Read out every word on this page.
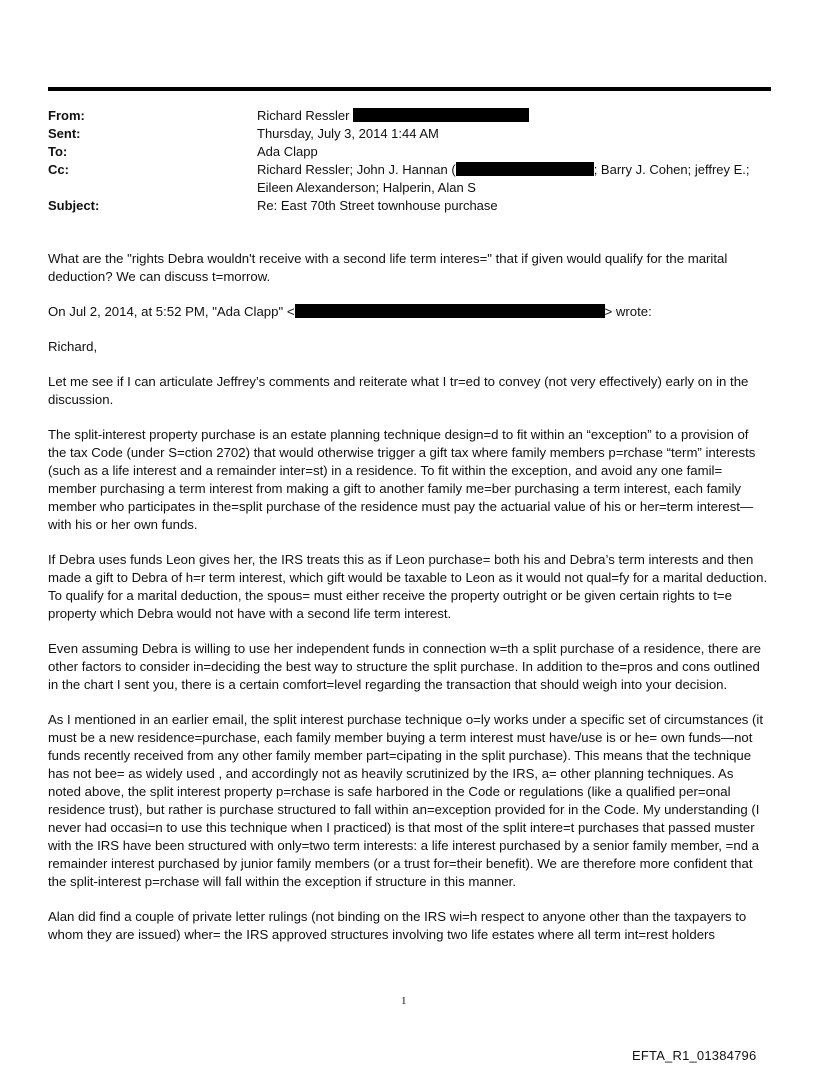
From:	Richard Ressler
Sent:	Thursday, July 3, 2014 1:44 AM
To:	Ada Clapp
Cc:	Richard Ressler; John J. Hannan (	; Barry J. Cohen; jeffrey E.;
Eileen Alexanderson; Halperin, Alan S
Subject:	Re: East 70th Street townhouse purchase

What are the "rights Debra wouldn't receive with a second life term interes=" that if given would qualify for the marital deduction? We can discuss t=morrow.

On Jul 2, 2014, at 5:52 PM, "Ada Clapp" <	> wrote:

Richard,

Let me see if I can articulate Jeffrey’s comments and reiterate what I tr=ed to convey (not very effectively) early on in the discussion.

The split-interest property purchase is an estate planning technique design=d to fit within an “exception” to a provision of the tax Code (under S=ction 2702) that would otherwise trigger a gift tax where family members p=rchase “term” interests (such as a life interest and a remainder inter=st) in a residence. To fit within the exception, and avoid any one famil= member purchasing a term interest from making a gift to another family me=ber purchasing a term interest, each family member who participates in the=split purchase of the residence must pay the actuarial value of his or her=term interest—with his or her own funds.

If Debra uses funds Leon gives her, the IRS treats this as if Leon purchase= both his and Debra’s term interests and then made a gift to Debra of h=r term interest, which gift would be taxable to Leon as it would not qual=fy for a marital deduction. To qualify for a marital deduction, the spous= must either receive the property outright or be given certain rights to t=e property which Debra would not have with a second life term interest.

Even assuming Debra is willing to use her independent funds in connection w=th a split purchase of a residence, there are other factors to consider in=deciding the best way to structure the split purchase. In addition to the=pros and cons outlined in the chart I sent you, there is a certain comfort=level regarding the transaction that should weigh into your decision.

As I mentioned in an earlier email, the split interest purchase technique o=ly works under a specific set of circumstances (it must be a new residence=purchase, each family member buying a term interest must have/use is or he= own funds—not funds recently received from any other family member part=cipating in the split purchase). This means that the technique has not bee= as widely used , and accordingly not as heavily scrutinized by the IRS, a= other planning techniques. As noted above, the split interest property p=rchase is safe harbored in the Code or regulations (like a qualified per=onal residence trust), but rather is purchase structured to fall within an=exception provided for in the Code. My understanding (I never had occasi=n to use this technique when I practiced) is that most of the split intere=t purchases that passed muster with the IRS have been structured with only=two term interests: a life interest purchased by a senior family member, =nd a remainder interest purchased by junior family members (or a trust for=their benefit). We are therefore more confident that the split-interest p=rchase will fall within the exception if structure in this manner.

Alan did find a couple of private letter rulings (not binding on the IRS wi=h respect to anyone other than the taxpayers to whom they are issued) wher= the IRS approved structures involving two life estates where all term int=rest holders

1
EFTA_R1_01384796
